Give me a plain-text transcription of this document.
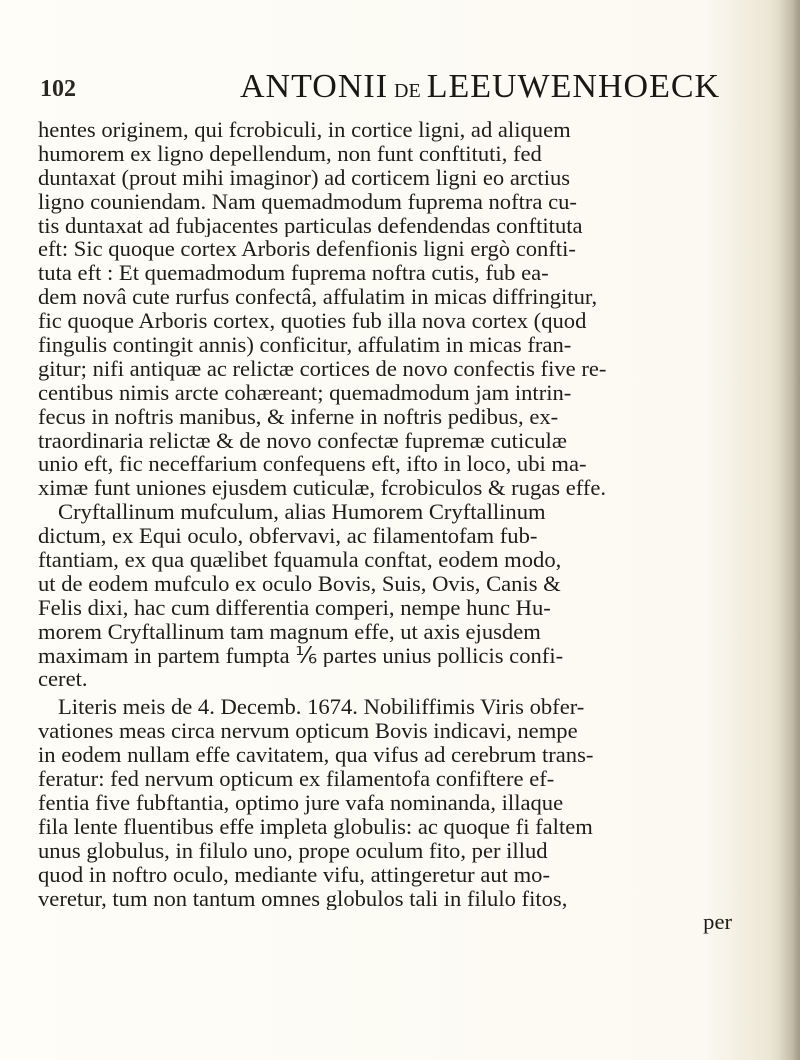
102	ANTONII DE LEEUWENHOECK
hentes originem, qui fcrobiculi, in cortice ligni, ad aliquem
humorem ex ligno depellendum, non funt conftituti, fed
duntaxat (prout mihi imaginor) ad corticem ligni eo arctius
ligno couniendam. Nam quemadmodum fuprema noftra cu-
tis duntaxat ad fubjacentes particulas defendendas conftituta
eft: Sic quoque cortex Arboris defenfionis ligni ergò confti-
tuta eft : Et quemadmodum fuprema noftra cutis, fub ea-
dem novâ cute rurfus confectâ, affulatim in micas diffringitur,
fic quoque Arboris cortex, quoties fub illa nova cortex (quod
fingulis contingit annis) conficitur, affulatim in micas fran-
gitur; nifi antiquæ ac relictæ cortices de novo confectis five re-
centibus nimis arcte cohæreant; quemadmodum jam intrin-
fecus in noftris manibus, & inferne in noftris pedibus, ex-
traordinaria relictæ & de novo confectæ fupremæ cuticulæ
unio eft, fic neceffarium confequens eft, ifto in loco, ubi ma-
ximæ funt uniones ejusdem cuticulæ, fcrobiculos & rugas effe.
Cryftallinum mufculum, alias Humorem Cryftallinum
dictum, ex Equi oculo, obfervavi, ac filamentofam fub-
ftantiam, ex qua quælibet fquamula conftat, eodem modo,
ut de eodem mufculo ex oculo Bovis, Suis, Ovis, Canis &
Felis dixi, hac cum differentia comperi, nempe hunc Hu-
morem Cryftallinum tam magnum effe, ut axis ejusdem
maximam in partem fumpta ⅙ partes unius pollicis confi-
ceret.
Literis meis de 4. Decemb. 1674. Nobiliffimis Viris obfer-
vationes meas circa nervum opticum Bovis indicavi, nempe
in eodem nullam effe cavitatem, qua vifus ad cerebrum trans-
feratur: fed nervum opticum ex filamentofa confiftere ef-
fentia five fubftantia, optimo jure vafa nominanda, illaque
fila lente fluentibus effe impleta globulis: ac quoque fi faltem
unus globulus, in filulo uno, prope oculum fito, per illud
quod in noftro oculo, mediante vifu, attingeretur aut mo-
veretur, tum non tantum omnes globulos tali in filulo fitos,
per
